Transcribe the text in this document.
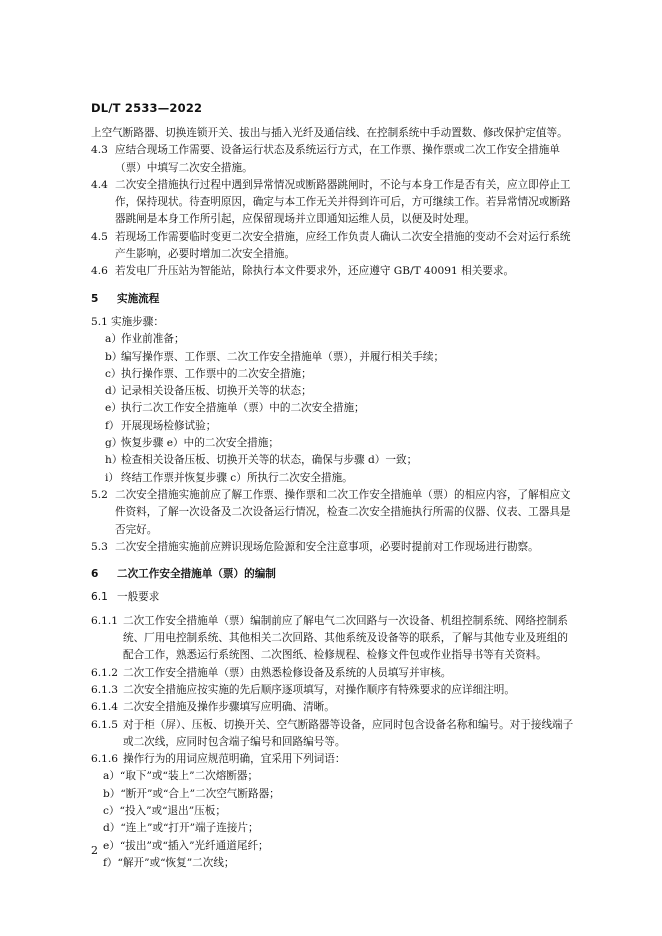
DL/T 2533—2022

上空气断路器、切换连锁开关、拔出与插入光纤及通信线、在控制系统中手动置数、修改保护定值等。

4.3 应结合现场工作需要、设备运行状态及系统运行方式，在工作票、操作票或二次工作安全措施单（票）中填写二次安全措施。

4.4 二次安全措施执行过程中遇到异常情况或断路器跳闸时，不论与本身工作是否有关，应立即停止工作，保持现状。待查明原因，确定与本工作无关并得到许可后，方可继续工作。若异常情况或断路器跳闸是本身工作所引起，应保留现场并立即通知运维人员，以便及时处理。

4.5 若现场工作需要临时变更二次安全措施，应经工作负责人确认二次安全措施的变动不会对运行系统产生影响，必要时增加二次安全措施。

4.6 若发电厂升压站为智能站，除执行本文件要求外，还应遵守 GB/T 40091 相关要求。

5 实施流程

5.1 实施步骤：

a） 作业前准备；

b）
编写操作票、工作票、二次工作安全措施单（票），并履行相关手续；

c） 执行操作票、工作票中的二次安全措施；

d）
记录相关设备压板、切换开关等的状态；

e） 执行二次工作安全措施单（票）中的二次安全措施；

f） 开展现场检修试验；

g）
恢复步骤 e）中的二次安全措施；

h）
检查相关设备压板、切换开关等的状态，确保与步骤 d）一致；

i） 终结工作票并恢复步骤 c）所执行二次安全措施。

5.2 二次安全措施实施前应了解工作票、操作票和二次工作安全措施单（票）的相应内容，了解相应文件资料，了解一次设备及二次设备运行情况，检查二次安全措施执行所需的仪器、仪表、工器具是否完好。

5.3 二次安全措施实施前应辨识现场危险源和安全注意事项，必要时提前对工作现场进行勘察。

6 二次工作安全措施单（票）的编制
6.1 一般要求

6.1.1 二次工作安全措施单（票）编制前应了解电气二次回路与一次设备、机组控制系统、网络控制系统、厂用电控制系统、其他相关二次回路、其他系统及设备等的联系，了解与其他专业及班组的配合工作，熟悉运行系统图、二次图纸、检修规程、检修文件包或作业指导书等有关资料。

6.1.2 二次工作安全措施单（票）由熟悉检修设备及系统的人员填写并审核。

6.1.3 二次安全措施应按实施的先后顺序逐项填写，对操作顺序有特殊要求的应详细注明。

6.1.4 二次安全措施及操作步骤填写应明确、清晰。

6.1.5 对于柜（屏）、压板、切换开关、空气断路器等设备，应同时包含设备名称和编号。对于接线端子或二次线，应同时包含端子编号和回路编号等。

6.1.6 操作行为的用词应规范明确，宜采用下列词语：

a）“取下”或“装上”二次熔断器；

b）“断开”或“合上”二次空气断路器；

c）“投入”或“退出”压板；

d）“连上”或“打开”端子连接片；

e）“拔出”或“插入”光纤通道尾纤；

f）“解开”或“恢复”二次线；

2
